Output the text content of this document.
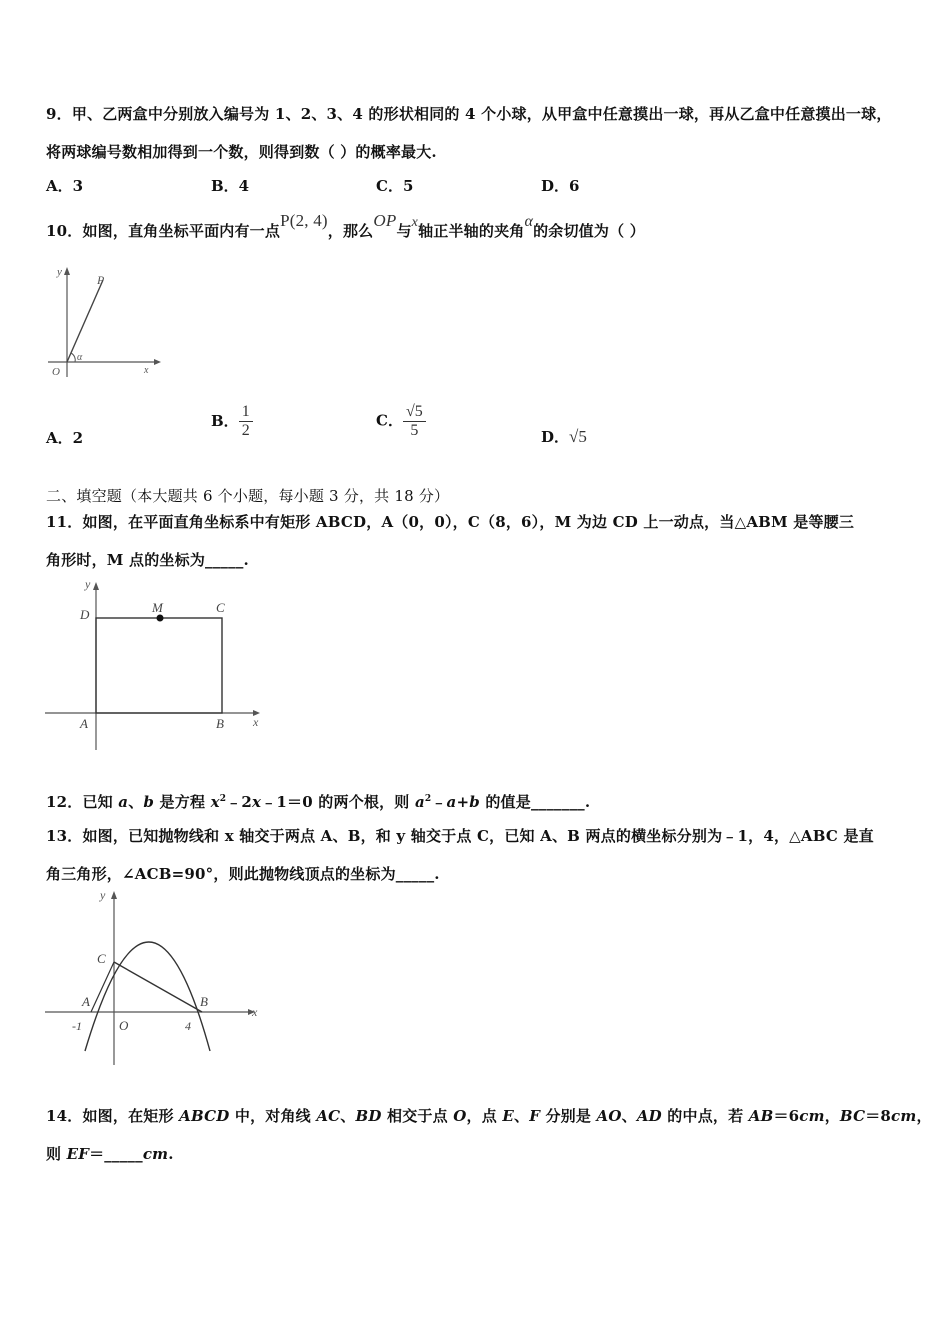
9．甲、乙两盒中分别放入编号为 1、2、3、4 的形状相同的 4 个小球，从甲盒中任意摸出一球，再从乙盒中任意摸出一球，
将两球编号数相加得到一个数，则得到数（ ）的概率最大.
A．3	B．4	C．5	D．6
10．如图，直角坐标平面内有一点P(2, 4)，那么OP与x轴正半轴的夹角α的余切值为（ ）
y
P
α
O	x
A．2
B． $\frac{1}{2}$	C． $\frac{√5}{5}$	D．√5
二、填空题（本大题共 6 个小题，每小题 3 分，共 18 分）
11．如图，在平面直角坐标系中有矩形 ABCD，A（0，0），C（8，6），M 为边 CD 上一动点，当△ABM 是等腰三
角形时，M 点的坐标为_____.
y
D	M	C
A	B x
12．已知 a、b 是方程 $x^2﹣2x﹣1=0$ 的两个根，则 $a^2﹣a+b$ 的值是_______.
13．如图，已知抛物线和 x 轴交于两点 A、B，和 y 轴交于点 C，已知 A、B 两点的横坐标分别为﹣1，4，△ABC 是直
角三角形，∠ACB=90°，则此抛物线顶点的坐标为_____.
y
C
A	B
x
-1	O	4
14．如图，在矩形 ABCD 中，对角线 AC、BD 相交于点 O，点 E、F 分别是 AO、AD 的中点，若 AB＝6cm，BC＝8cm，
则 EF＝_____cm.
